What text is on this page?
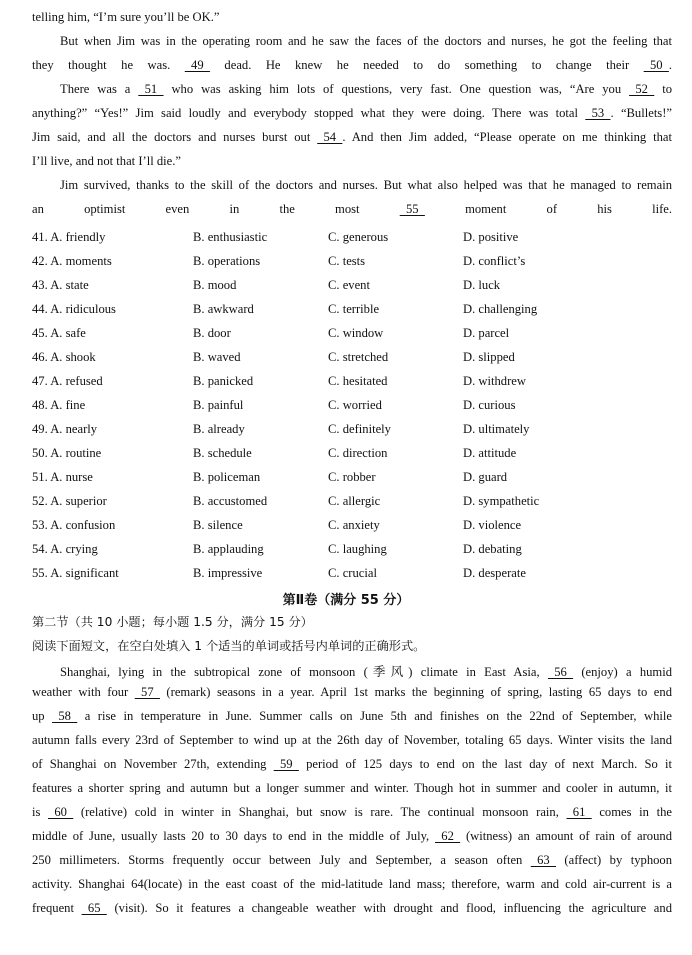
telling him, “I’m sure you’ll be OK.”
But when Jim was in the operating room and he saw the faces of the doctors and nurses, he got the feeling that
they thought he was.   49   dead. He knew he needed to do something to change their   50  .
There was a   51   who was asking him lots of questions, very fast. One question was, “Are you   52   to
anything?” “Yes!” Jim said loudly and everybody stopped what they were doing. There was total   53  . “Bullets!”
Jim said, and all the doctors and nurses burst out   54  . And then Jim added, “Please operate on me thinking that
I’ll live, and not that I’ll die.”
Jim survived, thanks to the skill of the doctors and nurses. But what also helped was that he managed to remain
an optimist even in the most   55   moment of his life.
41. A. friendly	B. enthusiastic	C. generous	D. positive
42. A. moments	B. operations	C. tests	D. conflict’s
43. A. state	B. mood	C. event	D. luck
44. A. ridiculous	B. awkward	C. terrible	D. challenging
45. A. safe	B. door	C. window	D. parcel
46. A. shook	B. waved	C. stretched	D. slipped
47. A. refused	B. panicked	C. hesitated	D. withdrew
48. A. fine	B. painful	C. worried	D. curious
49. A. nearly	B. already	C. definitely	D. ultimately
50. A. routine	B. schedule	C. direction	D. attitude
51. A. nurse	B. policeman	C. robber	D. guard
52. A. superior	B. accustomed	C. allergic	D. sympathetic
53. A. confusion	B. silence	C. anxiety	D. violence
54. A. crying	B. applauding	C. laughing	D. debating
55. A. significant	B. impressive	C. crucial	D. desperate
第Ⅱ卷（满分 55 分）
第二节（共 10 小题；每小题 1.5 分，满分 15 分）
阅读下面短文，在空白处填入 1 个适当的单词或括号内单词的正确形式。
Shanghai, lying in the subtropical zone of monsoon (季风) climate in East Asia,   56   (enjoy) a humid
weather with four   57   (remark) seasons in a year. April 1st marks the beginning of spring, lasting 65 days to end
up   58   a rise in temperature in June. Summer calls on June 5th and finishes on the 22nd of September, while
autumn falls every 23rd of September to wind up at the 26th day of November, totaling 65 days. Winter visits the land
of Shanghai on November 27th, extending   59   period of 125 days to end on the last day of next March. So it
features a shorter spring and autumn but a longer summer and winter. Though hot in summer and cooler in autumn, it
is   60   (relative) cold in winter in Shanghai, but snow is rare. The continual monsoon rain,   61   comes in the
middle of June, usually lasts 20 to 30 days to end in the middle of July,   62   (witness) an amount of rain of around
250 millimeters. Storms frequently occur between July and September, a season often   63   (affect) by typhoon
activity. Shanghai 64(locate) in the east coast of the mid-latitude land mass; therefore, warm and cold air-current is a
frequent   65   (visit). So it features a changeable weather with drought and flood, influencing the agriculture and
